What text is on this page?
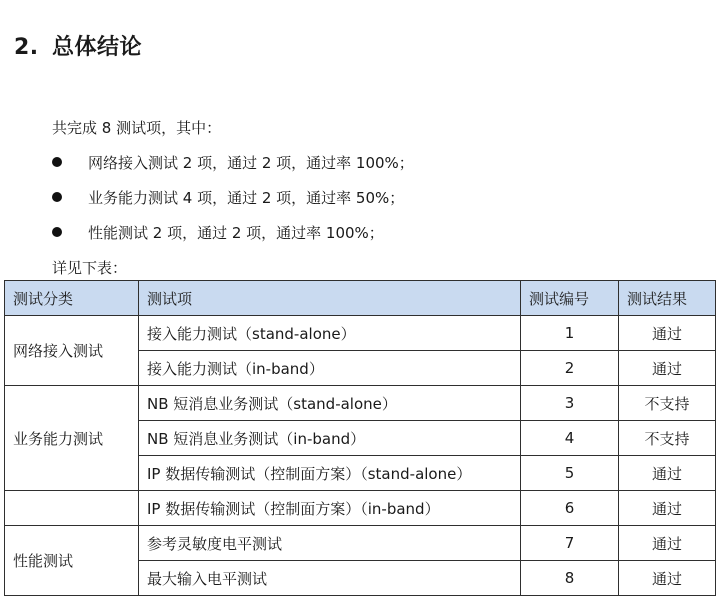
2. 总体结论
共完成 8 测试项，其中：
网络接入测试 2 项，通过 2 项，通过率 100%；
业务能力测试 4 项，通过 2 项，通过率 50%；
性能测试 2 项，通过 2 项，通过率 100%；
详见下表：
测试分类	测试项	测试编号	测试结果
网络接入测试	接入能力测试（stand-alone）	1	通过
	接入能力测试（in-band）	2	通过
业务能力测试	NB 短消息业务测试（stand-alone）	3	不支持
	NB 短消息业务测试（in-band）	4	不支持
	IP 数据传输测试（控制面方案）（stand-alone）	5	通过
	IP 数据传输测试（控制面方案）（in-band）	6	通过
性能测试	参考灵敏度电平测试	7	通过
	最大输入电平测试	8	通过
